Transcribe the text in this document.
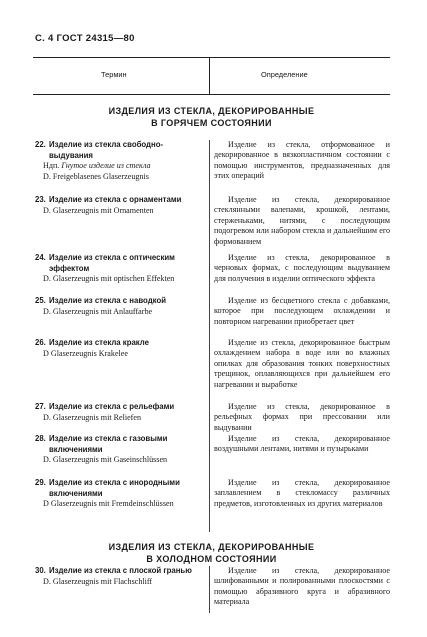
С. 4 ГОСТ 24315—80
Термин	Определение
ИЗДЕЛИЯ ИЗ СТЕКЛА, ДЕКОРИРОВАННЫЕ
В ГОРЯЧЕМ СОСТОЯНИИ
22. Изделие из стекла свободно-выдувания
Ндп. Гнутое изделие из стекла
D. Freigeblasenes Glaserzeugnis
Изделие из стекла, отформованное и декорированное в вязкопластичном состоянии с помощью инструментов, предназначенных для этих операций
23. Изделие из стекла с орнаментами
D. Glaserzeugnis mit Ornamenten
Изделие из стекла, декорированное стеклянными валепами, крошкой, лентами, стерженьками, нитями, с последующим подогревом или набором стекла и дальнейшим его формованием
24. Изделие из стекла с оптическим эффектом
D. Glaserzeugnis mit optischen Effekten
Изделие из стекла, декорированное в черновых формах, с последующим выдуванием для получения в изделии оптического эффекта
25. Изделие из стекла с наводкой
D. Glaserzeugnis mit Anlauffarbe
Изделие из бесцветного стекла с добавками, которое при последующем охлаждении и повторном нагревании приобретает цвет
26. Изделие из стекла кракле
D Glaserzeugnis Krakelee
Изделие из стекла, декорированное быстрым охлаждением набора в воде или во влажных опилках для образования тонких поверхностных трещинок, оплавляющихся при дальнейшем его нагревании и выработке
27. Изделие из стекла с рельефами
D. Glaserzeugnis mit Reliefen
Изделие из стекла, декорированное в рельефных формах при прессовании или выдувании
28. Изделие из стекла с газовыми включениями
D. Glaserzeugnis mit Gaseinschlüssen
Изделие из стекла, декорированное воздушными лентами, нитями и пузырьками
29. Изделие из стекла с инородными включениями
D Glaserzeugnis mit Fremdeinschlüssen
Изделие из стекла, декорированное заплавлением в стекломассу различных предметов, изготовленных из других материалов
30. Изделие из стекла с плоской гранью
D. Glaserzeugnis mit Flachschliff
Изделие из стекла, декорированное шлифованными и полированными плоскостями с помощью абразивного круга и абразивного материала
ИЗДЕЛИЯ ИЗ СТЕКЛА, ДЕКОРИРОВАННЫЕ
В ХОЛОДНОМ СОСТОЯНИИ
